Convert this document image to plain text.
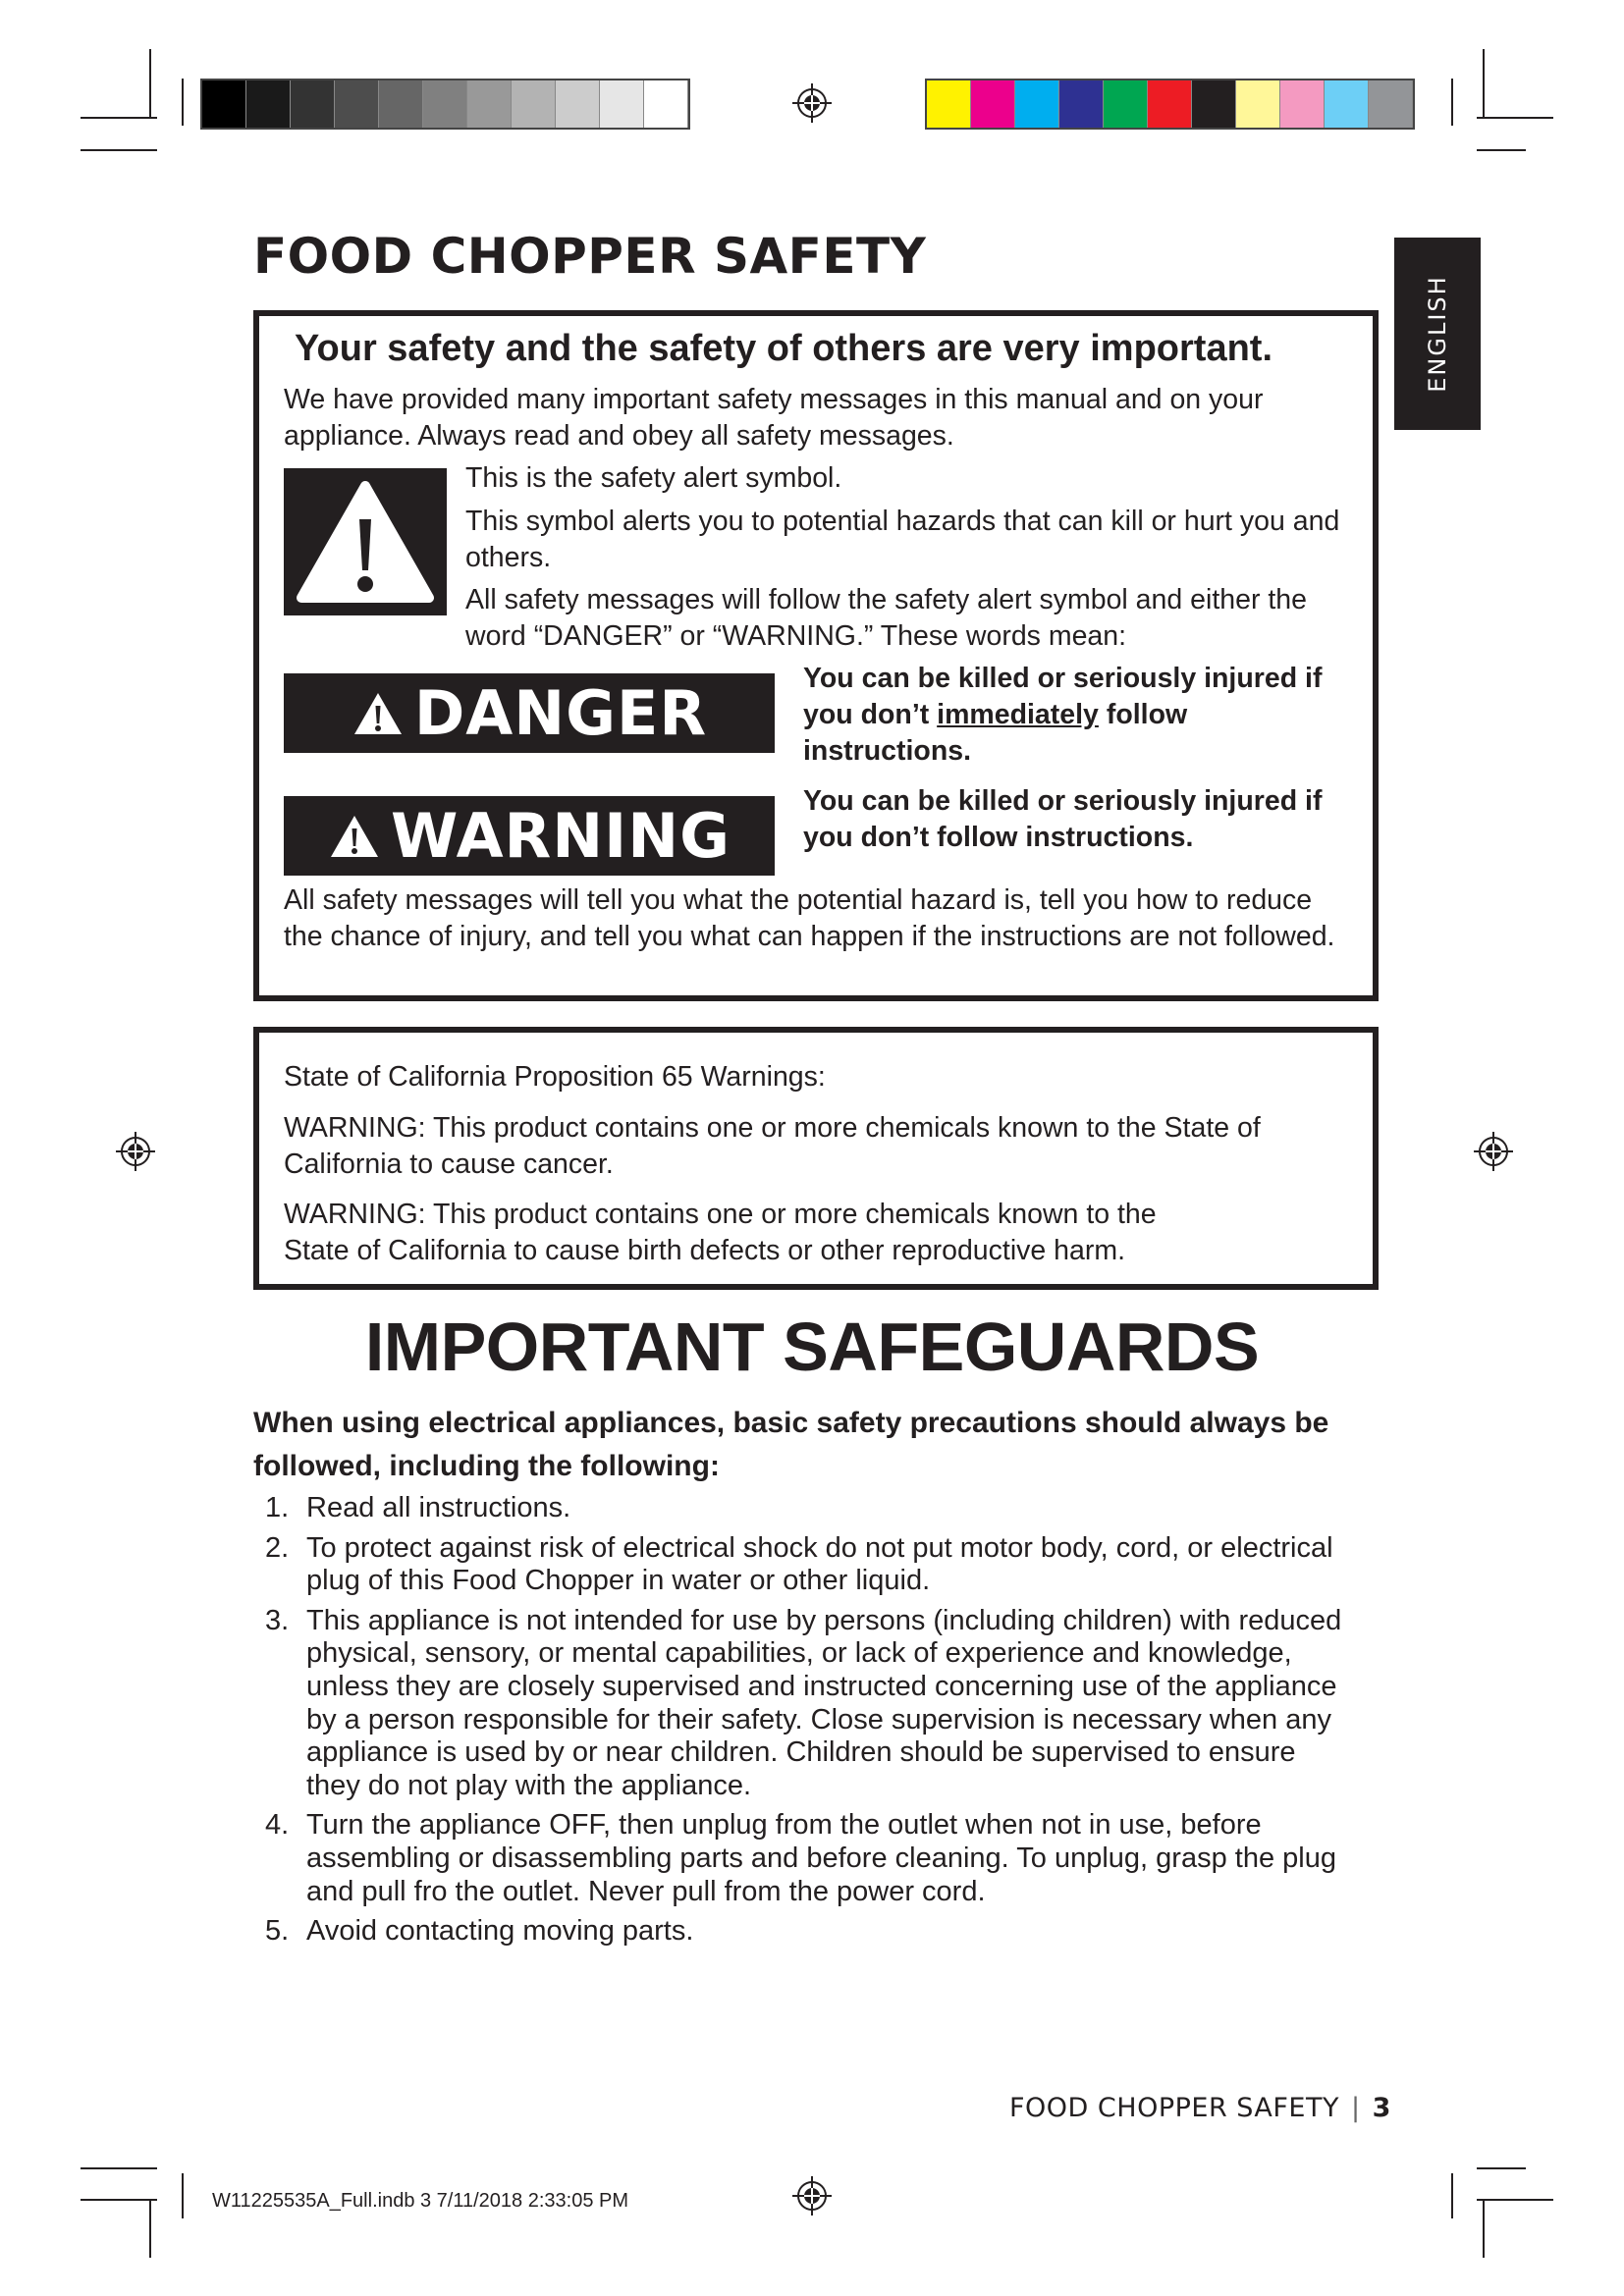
FOOD CHOPPER SAFETY
ENGLISH
Your safety and the safety of others are very important.
We have provided many important safety messages in this manual and on your appliance. Always read and obey all safety messages.
This is the safety alert symbol.
This symbol alerts you to potential hazards that can kill or hurt you and others.
All safety messages will follow the safety alert symbol and either the word “DANGER” or “WARNING.” These words mean:
DANGER	You can be killed or seriously injured if you don’t immediately follow instructions.
WARNING	You can be killed or seriously injured if you don’t follow instructions.
All safety messages will tell you what the potential hazard is, tell you how to reduce the chance of injury, and tell you what can happen if the instructions are not followed.
State of California Proposition 65 Warnings:
WARNING: This product contains one or more chemicals known to the State of California to cause cancer.
WARNING: This product contains one or more chemicals known to the
State of California to cause birth defects or other reproductive harm.
IMPORTANT SAFEGUARDS
When using electrical appliances, basic safety precautions should always be
followed, including the following:
1. Read all instructions.
2. To protect against risk of electrical shock do not put motor body, cord, or electrical plug of this Food Chopper in water or other liquid.
3. This appliance is not intended for use by persons (including children) with reduced physical, sensory, or mental capabilities, or lack of experience and knowledge, unless they are closely supervised and instructed concerning use of the appliance by a person responsible for their safety. Close supervision is necessary when any appliance is used by or near children. Children should be supervised to ensure they do not play with the appliance.
4. Turn the appliance OFF, then unplug from the outlet when not in use, before assembling or disassembling parts and before cleaning. To unplug, grasp the plug and pull fro the outlet. Never pull from the power cord.
5. Avoid contacting moving parts.
FOOD CHOPPER SAFETY | 3
W11225535A_Full.indb 3 7/11/2018 2:33:05 PM
